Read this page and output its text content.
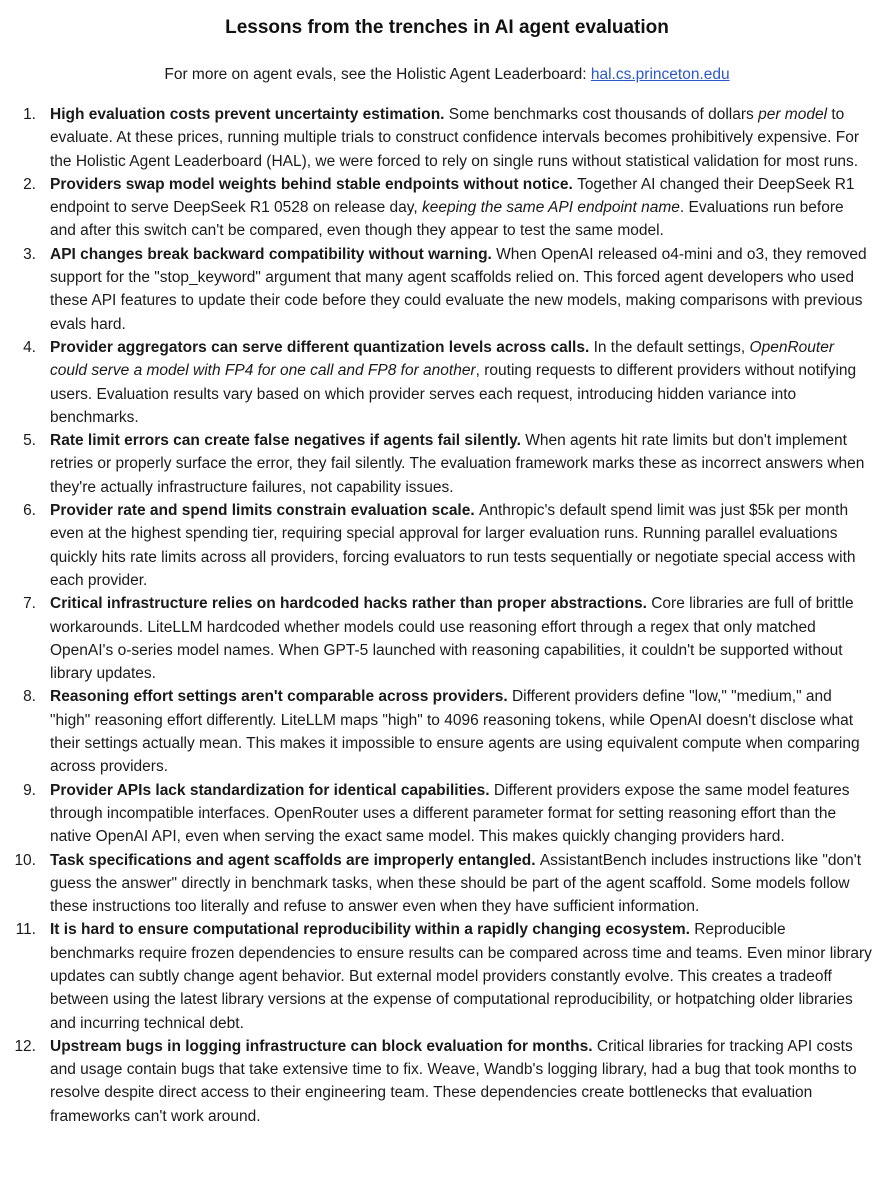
Lessons from the trenches in AI agent evaluation

For more on agent evals, see the Holistic Agent Leaderboard: hal.cs.princeton.edu

1. High evaluation costs prevent uncertainty estimation. Some benchmarks cost thousands of dollars per model to evaluate. At these prices, running multiple trials to construct confidence intervals becomes prohibitively expensive. For the Holistic Agent Leaderboard (HAL), we were forced to rely on single runs without statistical validation for most runs.
2. Providers swap model weights behind stable endpoints without notice. Together AI changed their DeepSeek R1 endpoint to serve DeepSeek R1 0528 on release day, keeping the same API endpoint name. Evaluations run before and after this switch can't be compared, even though they appear to test the same model.
3. API changes break backward compatibility without warning. When OpenAI released o4-mini and o3, they removed support for the "stop_keyword" argument that many agent scaffolds relied on. This forced agent developers who used these API features to update their code before they could evaluate the new models, making comparisons with previous evals hard.
4. Provider aggregators can serve different quantization levels across calls. In the default settings, OpenRouter could serve a model with FP4 for one call and FP8 for another, routing requests to different providers without notifying users. Evaluation results vary based on which provider serves each request, introducing hidden variance into benchmarks.
5. Rate limit errors can create false negatives if agents fail silently. When agents hit rate limits but don't implement retries or properly surface the error, they fail silently. The evaluation framework marks these as incorrect answers when they're actually infrastructure failures, not capability issues.
6. Provider rate and spend limits constrain evaluation scale. Anthropic's default spend limit was just $5k per month even at the highest spending tier, requiring special approval for larger evaluation runs. Running parallel evaluations quickly hits rate limits across all providers, forcing evaluators to run tests sequentially or negotiate special access with each provider.
7. Critical infrastructure relies on hardcoded hacks rather than proper abstractions. Core libraries are full of brittle workarounds. LiteLLM hardcoded whether models could use reasoning effort through a regex that only matched OpenAI's o-series model names. When GPT-5 launched with reasoning capabilities, it couldn't be supported without library updates.
8. Reasoning effort settings aren't comparable across providers. Different providers define "low," "medium," and "high" reasoning effort differently. LiteLLM maps "high" to 4096 reasoning tokens, while OpenAI doesn't disclose what their settings actually mean. This makes it impossible to ensure agents are using equivalent compute when comparing across providers.
9. Provider APIs lack standardization for identical capabilities. Different providers expose the same model features through incompatible interfaces. OpenRouter uses a different parameter format for setting reasoning effort than the native OpenAI API, even when serving the exact same model. This makes quickly changing providers hard.
10. Task specifications and agent scaffolds are improperly entangled. AssistantBench includes instructions like "don't guess the answer" directly in benchmark tasks, when these should be part of the agent scaffold. Some models follow these instructions too literally and refuse to answer even when they have sufficient information.
11. It is hard to ensure computational reproducibility within a rapidly changing ecosystem. Reproducible benchmarks require frozen dependencies to ensure results can be compared across time and teams. Even minor library updates can subtly change agent behavior. But external model providers constantly evolve. This creates a tradeoff between using the latest library versions at the expense of computational reproducibility, or hotpatching older libraries and incurring technical debt.
12. Upstream bugs in logging infrastructure can block evaluation for months. Critical libraries for tracking API costs and usage contain bugs that take extensive time to fix. Weave, Wandb's logging library, had a bug that took months to resolve despite direct access to their engineering team. These dependencies create bottlenecks that evaluation frameworks can't work around.
